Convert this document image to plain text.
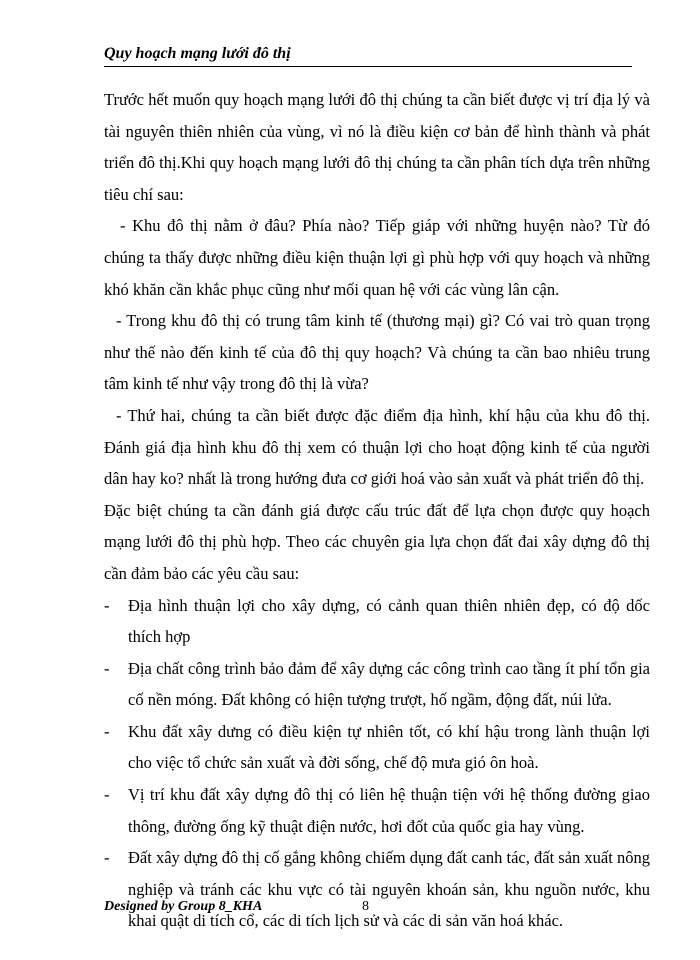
Quy hoạch mạng lưới đô thị

Trước hết muốn quy hoạch mạng lưới đô thị chúng ta cần biết được vị trí địa lý và tài nguyên thiên nhiên của vùng, vì nó là điều kiện cơ bản để hình thành và phát triển đô thị.Khi quy hoạch mạng lưới đô thị chúng ta cần phân tích dựa trên những tiêu chí sau:

- Khu đô thị nằm ở đâu? Phía nào? Tiếp giáp với những huyện nào? Từ đó chúng ta thấy được những điều kiện thuận lợi gì phù hợp với quy hoạch và những khó khăn cần khắc phục cũng như mối quan hệ với các vùng lân cận.

- Trong khu đô thị có trung tâm kinh tế (thương mại) gì? Có vai trò quan trọng như thế nào đến kinh tế của đô thị quy hoạch? Và chúng ta cần bao nhiêu trung tâm kinh tế như vậy trong đô thị là vừa?

- Thứ hai, chúng ta cần biết được đặc điểm địa hình, khí hậu của khu đô thị. Đánh giá địa hình khu đô thị xem có thuận lợi cho hoạt động kinh tế của người dân hay ko? nhất là trong hướng đưa cơ giới hoá vào sản xuất và phát triển đô thị.

Đặc biệt chúng ta cần đánh giá được cấu trúc đất để lựa chọn được quy hoạch mạng lưới đô thị phù hợp. Theo các chuyên gia lựa chọn đất đai xây dựng đô thị cần đảm bảo các yêu cầu sau:

-	Địa hình thuận lợi cho xây dựng, có cảnh quan thiên nhiên đẹp, có độ dốc thích hợp
-	Địa chất công trình bảo đảm để xây dựng các công trình cao tầng ít phí tổn gia cố nền móng. Đất không có hiện tượng trượt, hố ngầm, động đất, núi lửa.
-	Khu đất xây dưng có điều kiện tự nhiên tốt, có khí hậu trong lành thuận lợi cho việc tổ chức sản xuất và đời sống, chế độ mưa gió ôn hoà.
-	Vị trí khu đất xây dựng đô thị có liên hệ thuận tiện với hệ thống đường giao thông, đường ống kỹ thuật điện nước, hơi đốt của quốc gia hay vùng.
-	Đất xây dựng đô thị cố gắng không chiếm dụng đất canh tác, đất sản xuất nông nghiệp và tránh các khu vực có tài nguyên khoán sản, khu nguồn nước, khu khai quật di tích cổ, các di tích lịch sử và các di sản văn hoá khác.
Designed by Group 8_KHA	8
